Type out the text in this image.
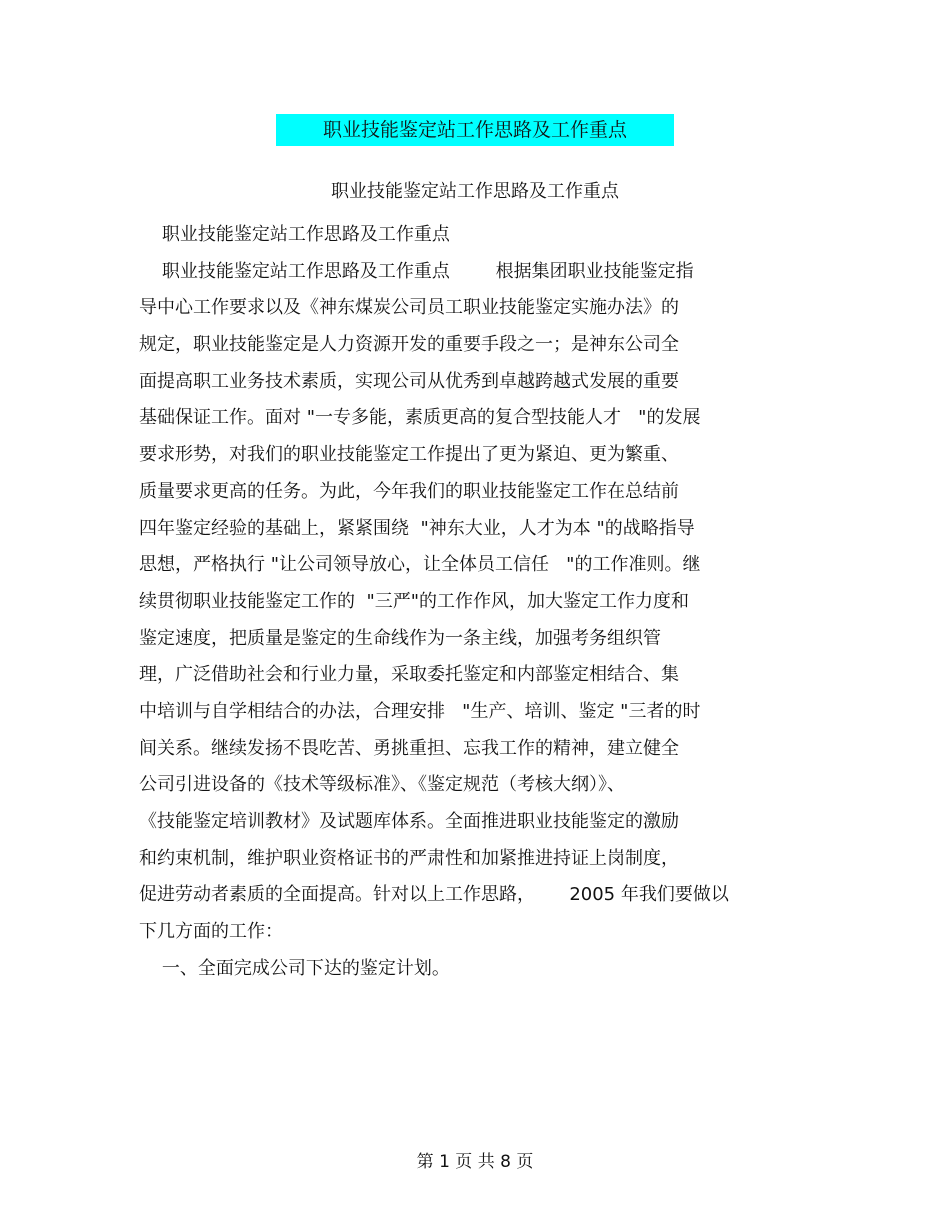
职业技能鉴定站工作思路及工作重点
职业技能鉴定站工作思路及工作重点
职业技能鉴定站工作思路及工作重点
职业技能鉴定站工作思路及工作重点        根据集团职业技能鉴定指
导中心工作要求以及《神东煤炭公司员工职业技能鉴定实施办法》的
规定，职业技能鉴定是人力资源开发的重要手段之一；是神东公司全
面提高职工业务技术素质，实现公司从优秀到卓越跨越式发展的重要
基础保证工作。面对 "一专多能，素质更高的复合型技能人才   "的发展
要求形势，对我们的职业技能鉴定工作提出了更为紧迫、更为繁重、
质量要求更高的任务。为此，今年我们的职业技能鉴定工作在总结前
四年鉴定经验的基础上，紧紧围绕  "神东大业，人才为本 "的战略指导
思想，严格执行 "让公司领导放心，让全体员工信任   "的工作准则。继
续贯彻职业技能鉴定工作的  "三严"的工作作风，加大鉴定工作力度和
鉴定速度，把质量是鉴定的生命线作为一条主线，加强考务组织管
理，广泛借助社会和行业力量，采取委托鉴定和内部鉴定相结合、集
中培训与自学相结合的办法，合理安排   "生产、培训、鉴定 "三者的时
间关系。继续发扬不畏吃苦、勇挑重担、忘我工作的精神，建立健全
公司引进设备的《技术等级标准》、《鉴定规范（考核大纲）》、
《技能鉴定培训教材》及试题库体系。全面推进职业技能鉴定的激励
和约束机制，维护职业资格证书的严肃性和加紧推进持证上岗制度，
促进劳动者素质的全面提高。针对以上工作思路，      2005 年我们要做以
下几方面的工作：
一、全面完成公司下达的鉴定计划。
第 1 页 共 8 页
